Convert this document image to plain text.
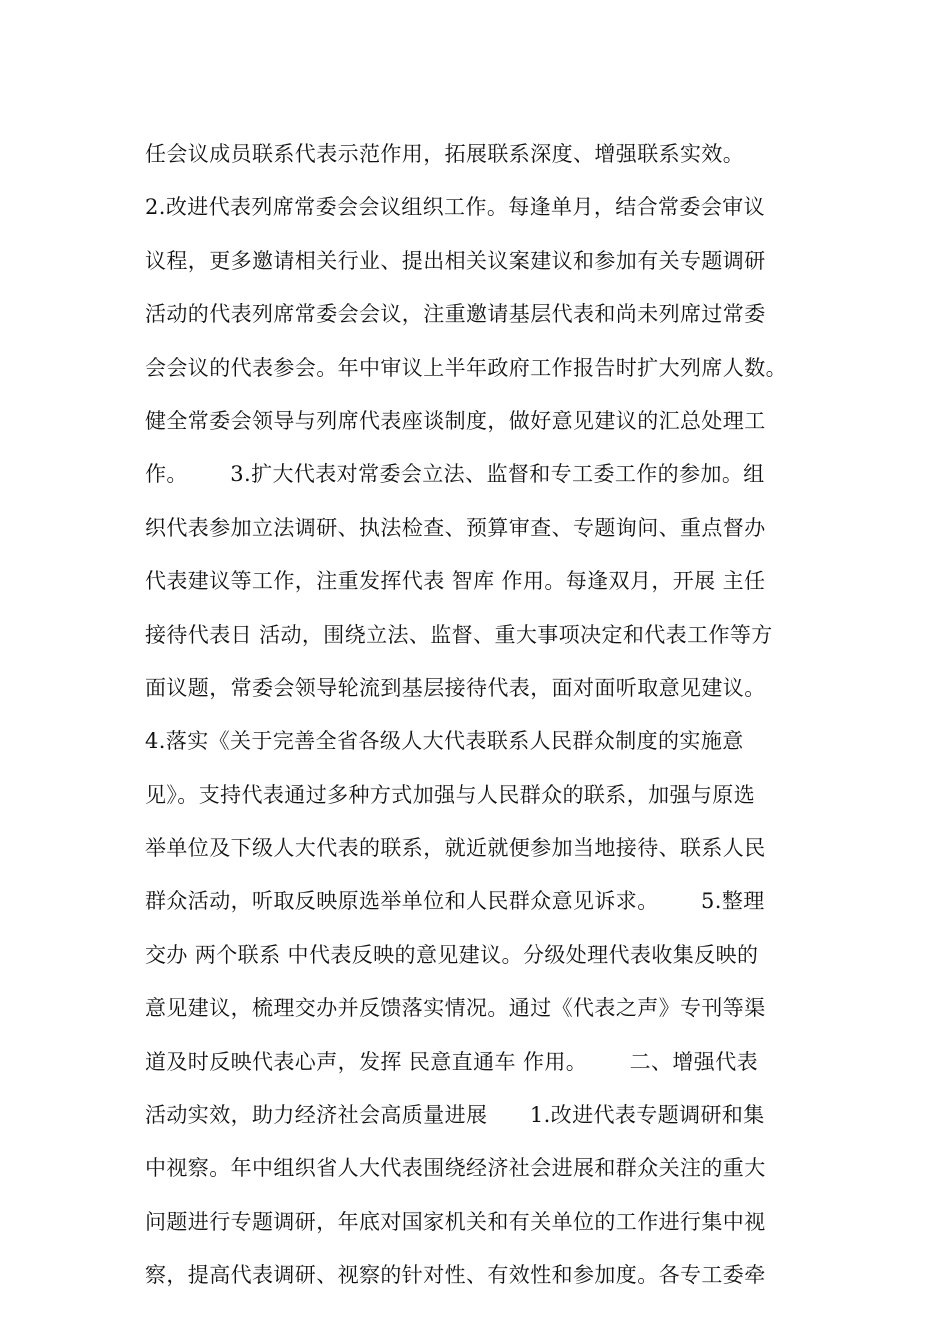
任会议成员联系代表示范作用，拓展联系深度、增强联系实效。
2.改进代表列席常委会会议组织工作。每逢单月，结合常委会审议
议程，更多邀请相关行业、提出相关议案建议和参加有关专题调研
活动的代表列席常委会会议，注重邀请基层代表和尚未列席过常委
会会议的代表参会。年中审议上半年政府工作报告时扩大列席人数。
健全常委会领导与列席代表座谈制度，做好意见建议的汇总处理工
作。      3.扩大代表对常委会立法、监督和专工委工作的参加。组
织代表参加立法调研、执法检查、预算审查、专题询问、重点督办
代表建议等工作，注重发挥代表 智库 作用。每逢双月，开展 主任
接待代表日 活动，围绕立法、监督、重大事项决定和代表工作等方
面议题，常委会领导轮流到基层接待代表，面对面听取意见建议。
4.落实《关于完善全省各级人大代表联系人民群众制度的实施意
见》。支持代表通过多种方式加强与人民群众的联系，加强与原选
举单位及下级人大代表的联系，就近就便参加当地接待、联系人民
群众活动，听取反映原选举单位和人民群众意见诉求。      5.整理
交办 两个联系 中代表反映的意见建议。分级处理代表收集反映的
意见建议，梳理交办并反馈落实情况。通过《代表之声》专刊等渠
道及时反映代表心声，发挥 民意直通车 作用。      二、增强代表
活动实效，助力经济社会高质量进展      1.改进代表专题调研和集
中视察。年中组织省人大代表围绕经济社会进展和群众关注的重大
问题进行专题调研，年底对国家机关和有关单位的工作进行集中视
察，提高代表调研、视察的针对性、有效性和参加度。各专工委牵
